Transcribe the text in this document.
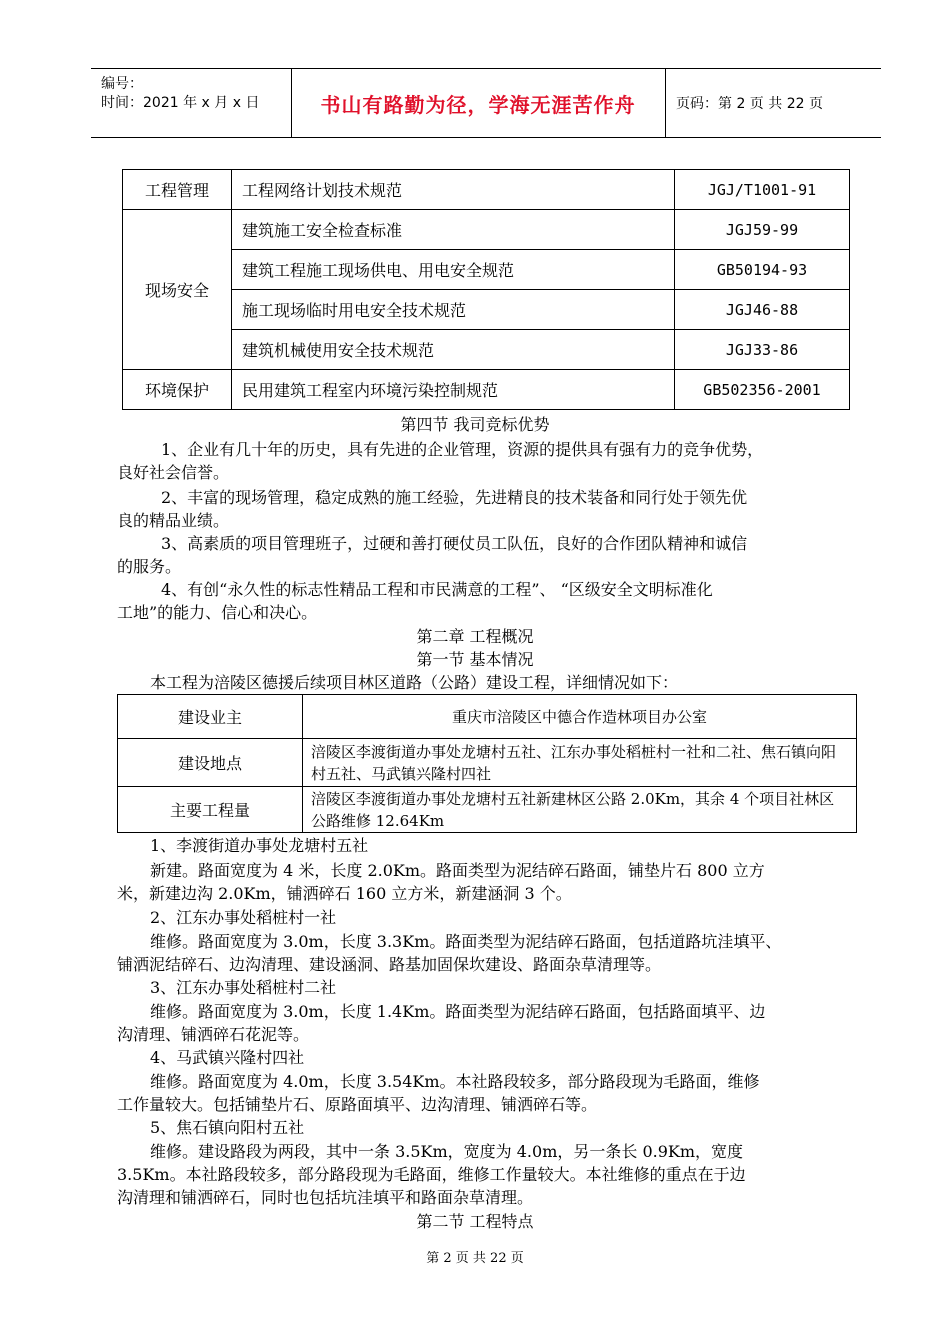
编号：
时间：2021 年 x 月 x 日	书山有路勤为径，学海无涯苦作舟	页码：第 2 页 共 22 页
工程管理	工程网络计划技术规范	JGJ/T1001-91
现场安全	建筑施工安全检查标准	JGJ59-99
	建筑工程施工现场供电、用电安全规范	GB50194-93
	施工现场临时用电安全技术规范	JGJ46-88
	建筑机械使用安全技术规范	JGJ33-86
环境保护	民用建筑工程室内环境污染控制规范	GB502356-2001
第四节 我司竞标优势
1、企业有几十年的历史，具有先进的企业管理，资源的提供具有强有力的竞争优势，
良好社会信誉。
2、丰富的现场管理，稳定成熟的施工经验，先进精良的技术装备和同行处于领先优
良的精品业绩。
3、高素质的项目管理班子，过硬和善打硬仗员工队伍，良好的合作团队精神和诚信
的服务。
4、有创“永久性的标志性精品工程和市民满意的工程”、 “区级安全文明标准化
工地”的能力、信心和决心。
第二章 工程概况
第一节 基本情况
本工程为涪陵区德援后续项目林区道路（公路）建设工程，详细情况如下：
建设业主	重庆市涪陵区中德合作造林项目办公室
建设地点	涪陵区李渡街道办事处龙塘村五社、江东办事处稻桩村一社和二社、焦石镇向阳村五社、马武镇兴隆村四社
主要工程量	涪陵区李渡街道办事处龙塘村五社新建林区公路 2.0Km，其余 4 个项目社林区公路维修 12.64Km
1、李渡街道办事处龙塘村五社
新建。路面宽度为 4 米，长度 2.0Km。路面类型为泥结碎石路面，铺垫片石 800 立方
米，新建边沟 2.0Km，铺洒碎石 160 立方米，新建涵洞 3 个。
2、江东办事处稻桩村一社
维修。路面宽度为 3.0m，长度 3.3Km。路面类型为泥结碎石路面，包括道路坑洼填平、
铺洒泥结碎石、边沟清理、建设涵洞、路基加固保坎建设、路面杂草清理等。
3、江东办事处稻桩村二社
维修。路面宽度为 3.0m，长度 1.4Km。路面类型为泥结碎石路面，包括路面填平、边
沟清理、铺洒碎石花泥等。
4、马武镇兴隆村四社
维修。路面宽度为 4.0m，长度 3.54Km。本社路段较多，部分路段现为毛路面，维修
工作量较大。包括铺垫片石、原路面填平、边沟清理、铺洒碎石等。
5、焦石镇向阳村五社
维修。建设路段为两段，其中一条 3.5Km，宽度为 4.0m，另一条长 0.9Km，宽度
3.5Km。本社路段较多，部分路段现为毛路面，维修工作量较大。本社维修的重点在于边
沟清理和铺洒碎石，同时也包括坑洼填平和路面杂草清理。
第二节 工程特点
第 2 页 共 22 页
